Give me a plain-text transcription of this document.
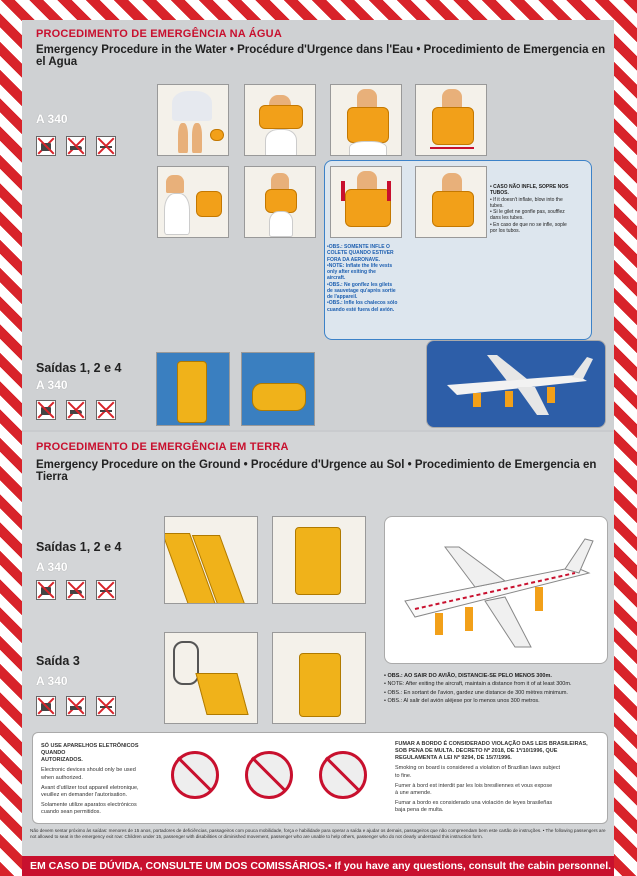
PROCEDIMENTO DE EMERGÊNCIA NA ÁGUA
Emergency Procedure in the Water • Procédure d'Urgence dans l'Eau • Procedimiento de Emergencia en el Agua
A 340
•OBS.: SOMENTE INFLE O
COLETE QUANDO ESTIVER
FORA DA AERONAVE.
•NOTE: Inflate the life vests
only after exiting the
aircraft.
•OBS.: Ne gonflez les gilets
de sauvetage qu'après sortie
de l'appareil.
•OBS.: Infle los chalecos sólo
cuando esté fuera del avión.
• CASO NÃO INFLE, SOPRE NOS TUBOS.
• If it doesn't inflate, blow into the
tubes.
• Si le gilet ne gonfle pas, soufflez
dans les tubes.
• En caso de que no se infle, sople
por los tubos.
Saídas 1, 2 e 4
A 340
PROCEDIMENTO DE EMERGÊNCIA EM TERRA
Emergency Procedure on the Ground • Procédure d'Urgence au Sol • Procedimiento de Emergencia en Tierra
Saídas 1, 2 e 4
A 340
Saída 3
A 340	• OBS.: AO SAIR DO AVIÃO, DISTANCIE-SE PELO MENOS 300m.
• NOTE: After exiting the aircraft, maintain a distance from it of at least 300m.
• OBS.: En sortant de l'avion, gardez une distance de 300 mètres minimum.
• OBS.: Al salir del avión aléjese por lo menos unos 300 metros.
SÓ USE APARELHOS ELETRÔNICOS QUANDO
AUTORIZADOS.
Electronic devices should only be used
when authorized.
Avant d'utilizer tout appareil eletronique,
veuillez en demander l'autorisation.
Solamente utilize aparatos electrónicos
cuando sean permitidos.
FUMAR A BORDO É CONSIDERADO VIOLAÇÃO DAS LEIS BRASILEIRAS,
SOB PENA DE MULTA. DECRETO Nº 2018, DE 1º/10/1996, QUE
REGULAMENTA A LEI Nº 9294, DE 15/7/1996.
Smoking on board is considered a violation of Brazilian laws subject
to fine.
Fumer à bord est interdit par les lois bresiliennes et vous expose
à une amende.
Fumar a bordo es considerado una violación de leyes brasileñas
baja pena de multa.
Não devem sentar próximo às saídas: menores de 15 anos, portadores de deficiências, passageiros com pouca mobilidade, força e habilidade para operar a saída e ajudar os demais, passageiros que não compreendam bem este cartão de instruções. • The following passengers are not allowed to seat in the emergency exit row: Children under 15, passenger with disabilities or diminished movement, passenger who are unable to help others, passenger who do not clearly understand this instruction form.
EM CASO DE DÚVIDA, CONSULTE UM DOS COMISSÁRIOS.• If you have any questions, consult the cabin personnel.
